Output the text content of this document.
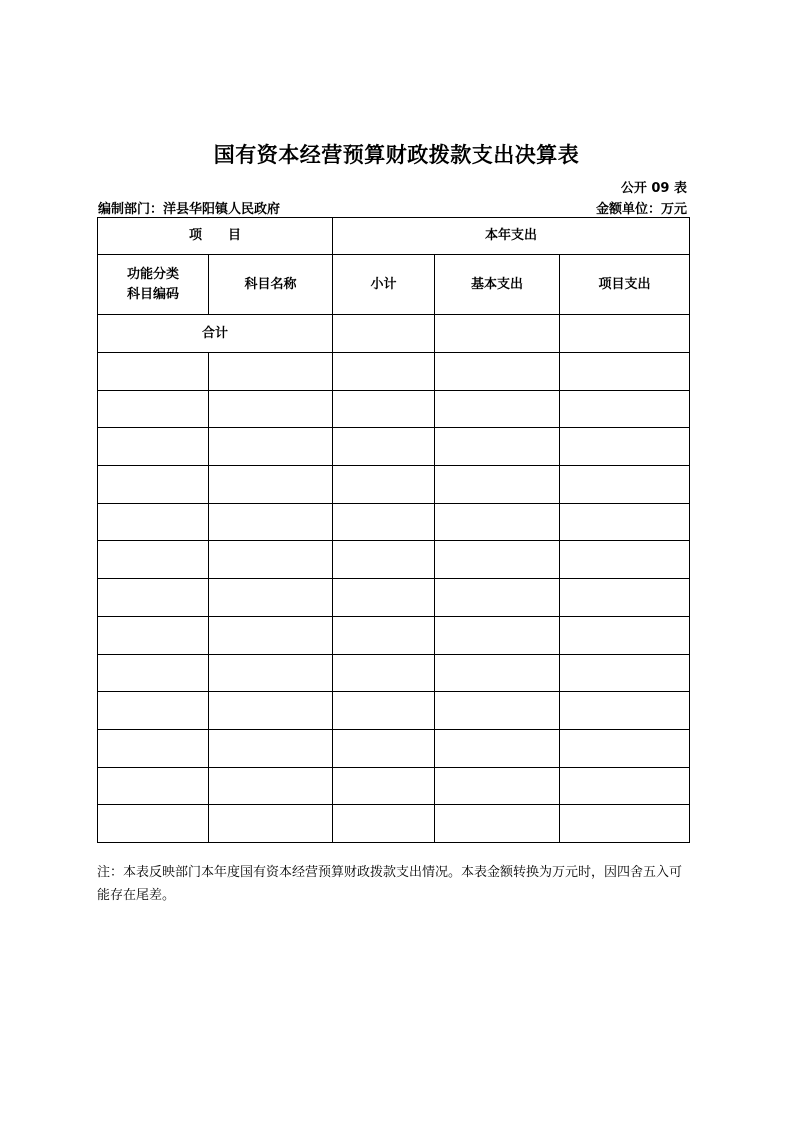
国有资本经营预算财政拨款支出决算表
公开 09 表
编制部门：洋县华阳镇人民政府	金额单位：万元
项　　目		本年支出		

功能分类
科目编码	科目名称	小计	基本支出	项目支出
合计				

注：本表反映部门本年度国有资本经营预算财政拨款支出情况。本表金额转换为万元时，因四舍五入可能存在尾差。
